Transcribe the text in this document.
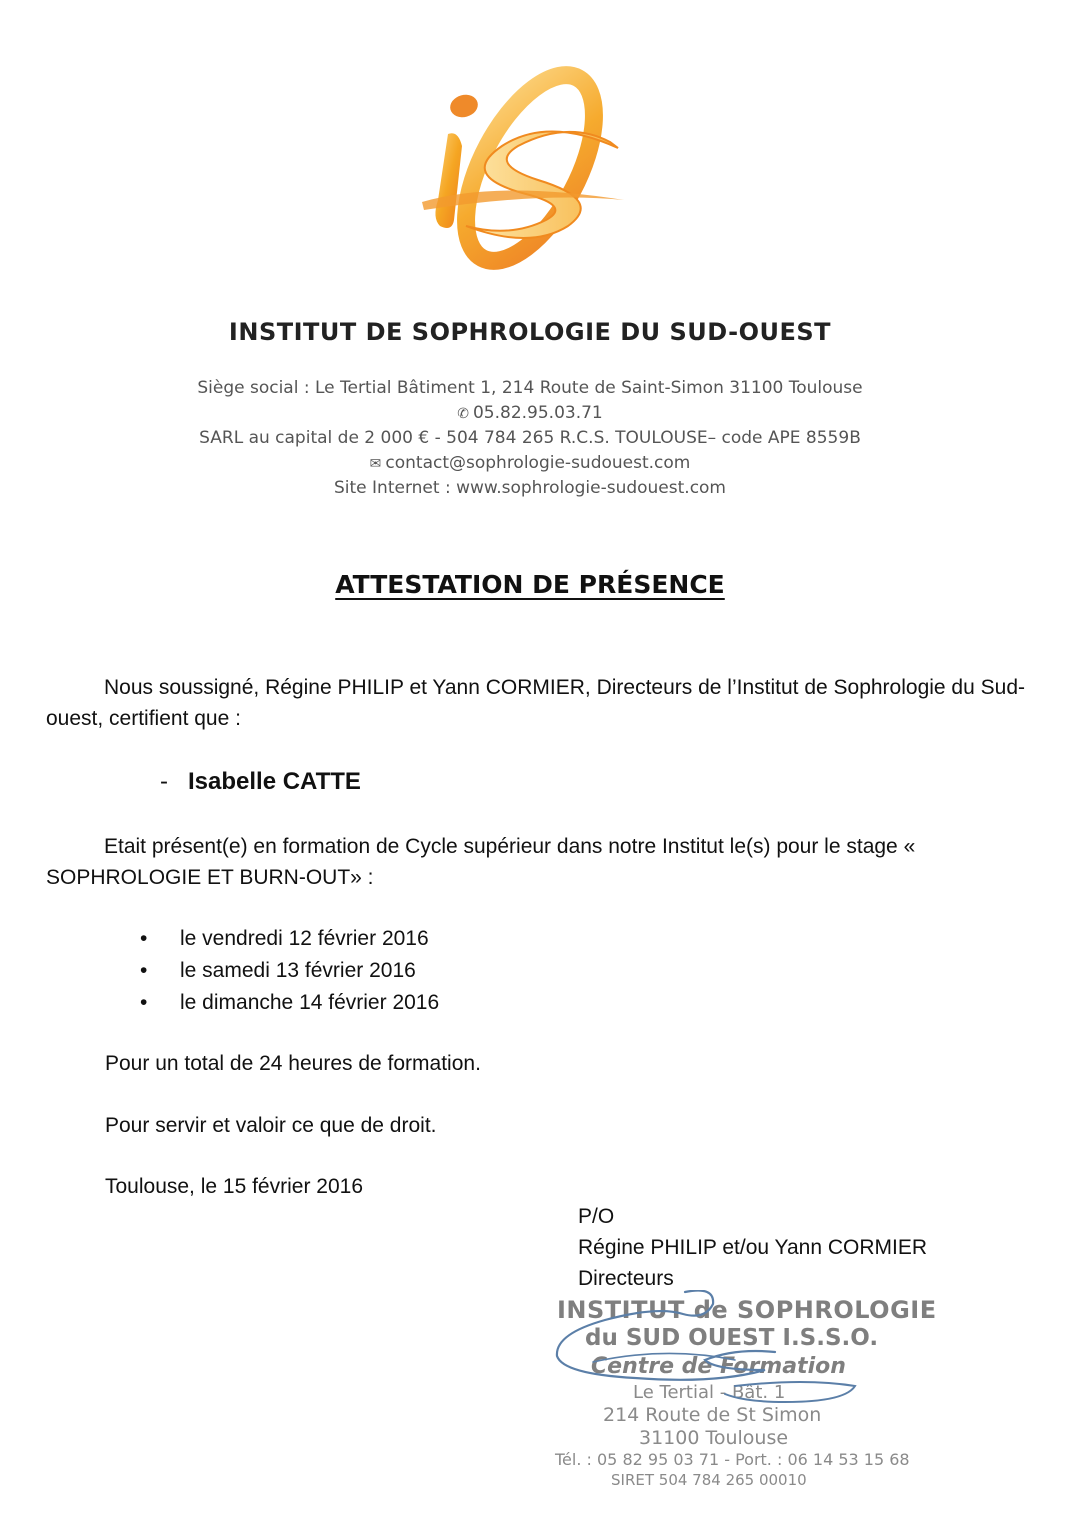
INSTITUT DE SOPHROLOGIE DU SUD-OUEST
Siège social : Le Tertial Bâtiment 1, 214 Route de Saint-Simon 31100 Toulouse
✆ 05.82.95.03.71
SARL au capital de 2 000 € - 504 784 265 R.C.S. TOULOUSE– code APE 8559B
✉ contact@sophrologie-sudouest.com
Site Internet : www.sophrologie-sudouest.com
ATTESTATION DE PRÉSENCE
Nous soussigné, Régine PHILIP et Yann CORMIER, Directeurs de l’Institut de Sophrologie du Sud-ouest, certifient que :
- Isabelle CATTE
Etait présent(e) en formation de Cycle supérieur dans notre Institut le(s) pour le stage « SOPHROLOGIE ET BURN-OUT» :
• le vendredi 12 février 2016
• le samedi 13 février 2016
• le dimanche 14 février 2016
Pour un total de 24 heures de formation.
Pour servir et valoir ce que de droit.
Toulouse, le 15 février 2016
P/O
Régine PHILIP et/ou Yann CORMIER
Directeurs
INSTITUT de SOPHROLOGIE
du SUD OUEST I.S.S.O.
Centre de Formation
Le Tertial - Bât. 1
214 Route de St Simon
31100 Toulouse
Tél. : 05 82 95 03 71 - Port. : 06 14 53 15 68
SIRET 504 784 265 00010
